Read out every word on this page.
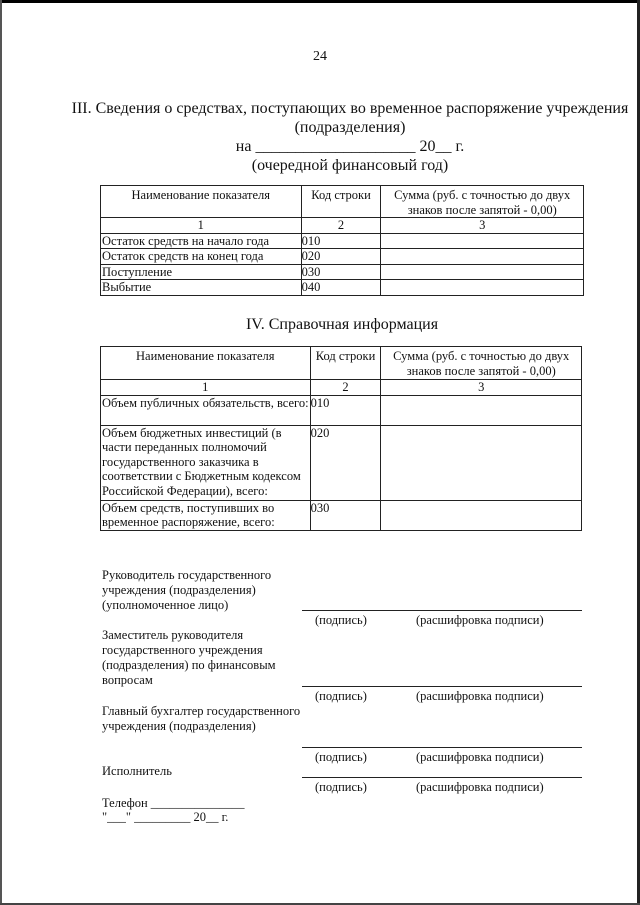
24
III. Сведения о средствах, поступающих во временное распоряжение учреждения
(подразделения)
на ____________________ 20__ г.
(очередной финансовый год)
Наименование показателя	Код строки	Сумма (руб. с точностью до двух знаков после запятой - 0,00)
1	2	3
Остаток средств на начало года	010	
Остаток средств на конец года	020	
Поступление	030	
Выбытие	040	
IV. Справочная информация
Наименование показателя	Код строки	Сумма (руб. с точностью до двух знаков после запятой - 0,00)
1	2	3
Объем публичных обязательств, всего:	010	
Объем бюджетных инвестиций (в части переданных полномочий государственного заказчика в соответствии с Бюджетным кодексом Российской Федерации), всего:	020	
Объем средств, поступивших во временное распоряжение, всего:	030	
Руководитель государственного учреждения (подразделения) (уполномоченное лицо)
(подпись)	(расшифровка подписи)
Заместитель руководителя государственного учреждения (подразделения) по финансовым вопросам
(подпись)	(расшифровка подписи)
Главный бухгалтер государственного учреждения (подразделения)
(подпись)	(расшифровка подписи)
Исполнитель
(подпись)	(расшифровка подписи)
Телефон _______________
"___" _________ 20__ г.
